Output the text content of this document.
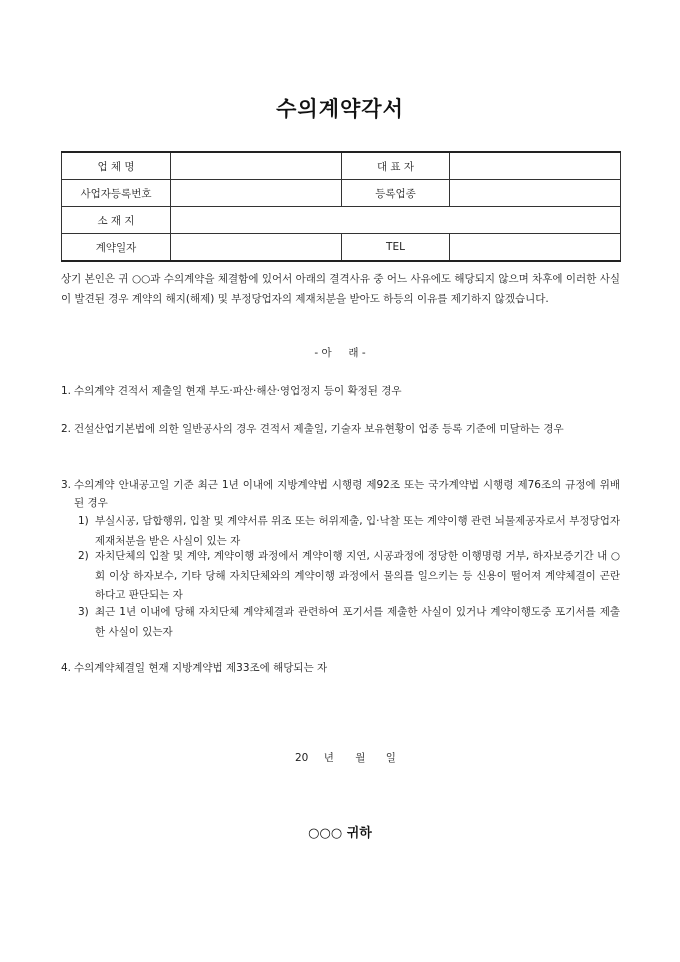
수의계약각서
업 체 명		대 표 자	
사업자등록번호		등록업종	
소 재 지			
계약일자		TEL	
상기 본인은 귀 ○○과 수의계약을 체결함에 있어서 아래의 결격사유 중 어느 사유에도 해당되지 않으며 차후에 이러한 사실이 발견된 경우 계약의 해지(해제) 및 부정당업자의 제재처분을 받아도 하등의 이유를 제기하지 않겠습니다.
- 아     래 -
1. 수의계약 견적서 제출일 현재 부도·파산·해산·영업정지 등이 확정된 경우
2. 건설산업기본법에 의한 일반공사의 경우 견적서 제출일, 기술자 보유현황이 업종 등록 기준에 미달하는 경우
3. 수의계약 안내공고일 기준 최근 1년 이내에 지방계약법 시행령 제92조 또는 국가계약법 시행령 제76조의 규정에 위배된 경우
1) 부실시공, 담합행위, 입찰 및 계약서류 위조 또는 허위제출, 입·낙찰 또는 계약이행 관련 뇌물제공자로서 부정당업자 제재처분을 받은 사실이 있는 자
2) 자치단체의 입찰 및 계약, 계약이행 과정에서 계약이행 지연, 시공과정에 정당한 이행명령 거부, 하자보증기간 내 ○회 이상 하자보수, 기타 당해 자치단체와의 계약이행 과정에서 물의를 일으키는 등 신용이 떨어져 계약체결이 곤란하다고 판단되는 자
3) 최근 1년 이내에 당해 자치단체 계약체결과 관련하여 포기서를 제출한 사실이 있거나 계약이행도중 포기서를 제출한 사실이 있는자
4. 수의계약체결일 현재 지방계약법 제33조에 해당되는 자
20 년 월 일
○○○ 귀하
